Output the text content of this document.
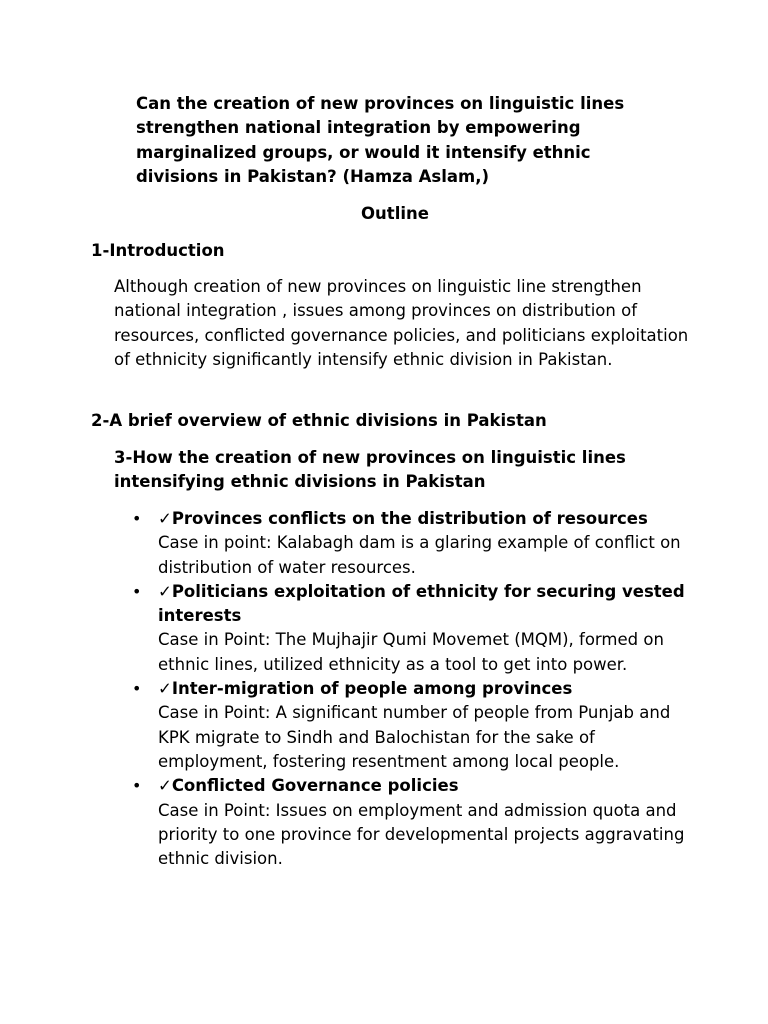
Can the creation of new provinces on linguistic lines strengthen national integration by empowering marginalized groups, or would it intensify ethnic divisions in Pakistan? (Hamza Aslam,)

Outline

1-Introduction

Although creation of new provinces on linguistic line strengthen national integration , issues among provinces on distribution of resources, conflicted governance policies, and politicians exploitation of ethnicity significantly intensify ethnic division in Pakistan.

2-A brief overview of ethnic divisions in Pakistan

3-How the creation of new provinces on linguistic lines intensifying ethnic divisions in Pakistan

• ✓Provinces conflicts on the distribution of resources
Case in point: Kalabagh dam is a glaring example of conflict on distribution of water resources.
• ✓Politicians exploitation of ethnicity for securing vested interests
Case in Point: The Mujhajir Qumi Movemet (MQM), formed on ethnic lines, utilized ethnicity as a tool to get into power.
• ✓Inter-migration of people among provinces
Case in Point: A significant number of people from Punjab and KPK migrate to Sindh and Balochistan for the sake of employment, fostering resentment among local people.
• ✓Conflicted Governance policies
Case in Point: Issues on employment and admission quota and priority to one province for developmental projects aggravating ethnic division.
